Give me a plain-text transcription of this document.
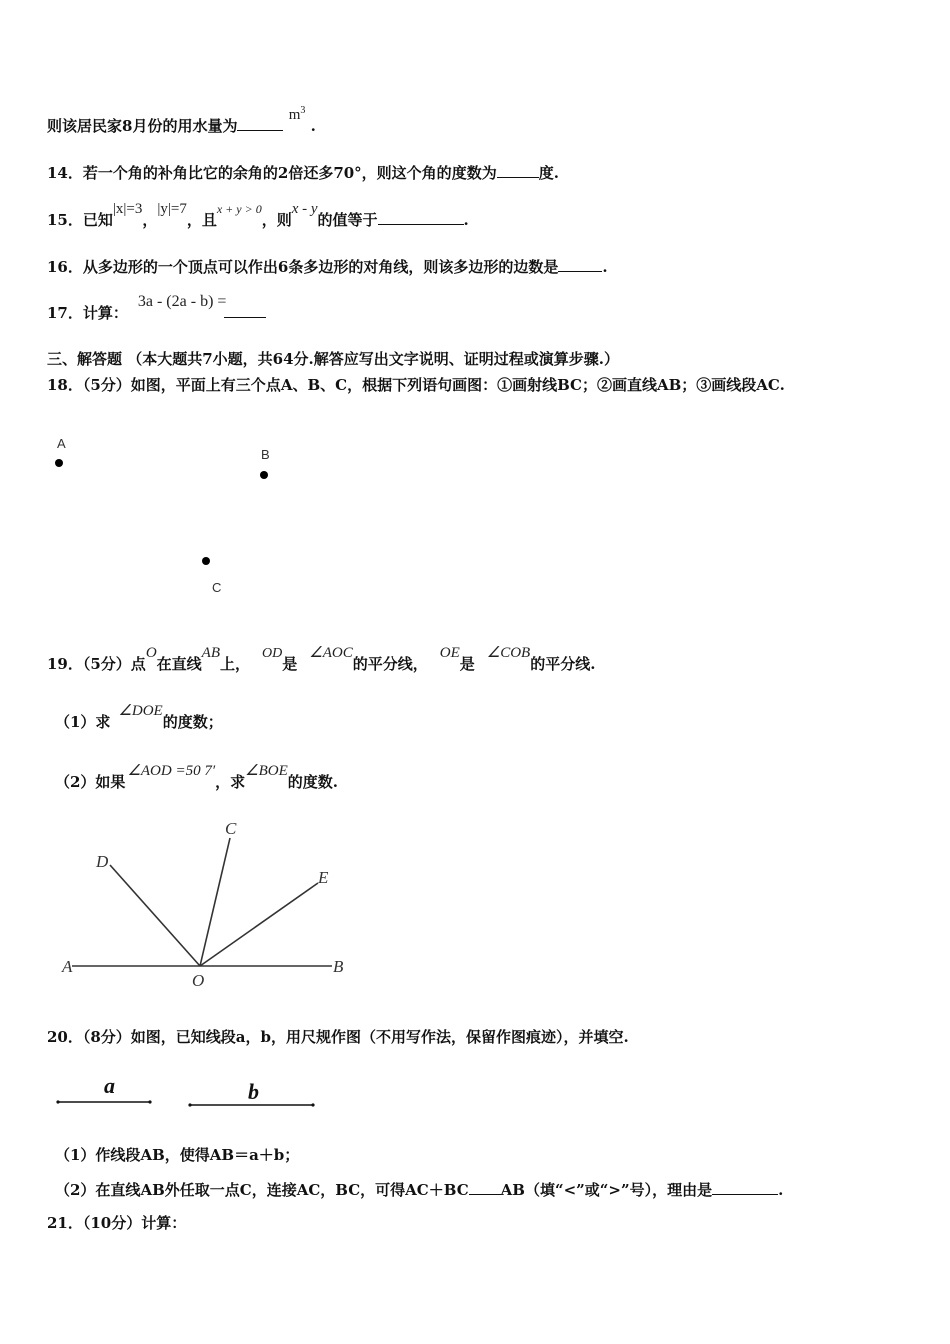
则该居民家8月份的用水量为 $m^3$ .
14．若一个角的补角比它的余角的2倍还多70°，则这个角的度数为	度.
15．已知|x|=3，|y|=7，且$^{x + y > 0}$，则x - y的值等于	.
16．从多边形的一个顶点可以作出6条多边形的对角线，则该多边形的边数是	.
17．计算：3a - (2a - b) =
三、解答题 （本大题共7小题，共64分.解答应写出文字说明、证明过程或演算步骤.）
18．（5分）如图，平面上有三个点A、B、C，根据下列语句画图：①画射线BC；②画直线AB；③画线段AC.
A
B
C
19．（5分）点O在直线AB上，OD是∠AOC的平分线，OE是∠COB的平分线.
（1）求∠DOE的度数；
（2）如果∠AOD =50 7′，求∠BOE的度数.
A
O
B
C
D
E
20．（8分）如图，已知线段a，b，用尺规作图（不用写作法，保留作图痕迹），并填空.
a	b
（1）作线段AB，使得AB＝a＋b；
（2）在直线AB外任取一点C，连接AC，BC，可得AC＋BC AB（填“<”或“>”号），理由是	.
21．（10分）计算：
